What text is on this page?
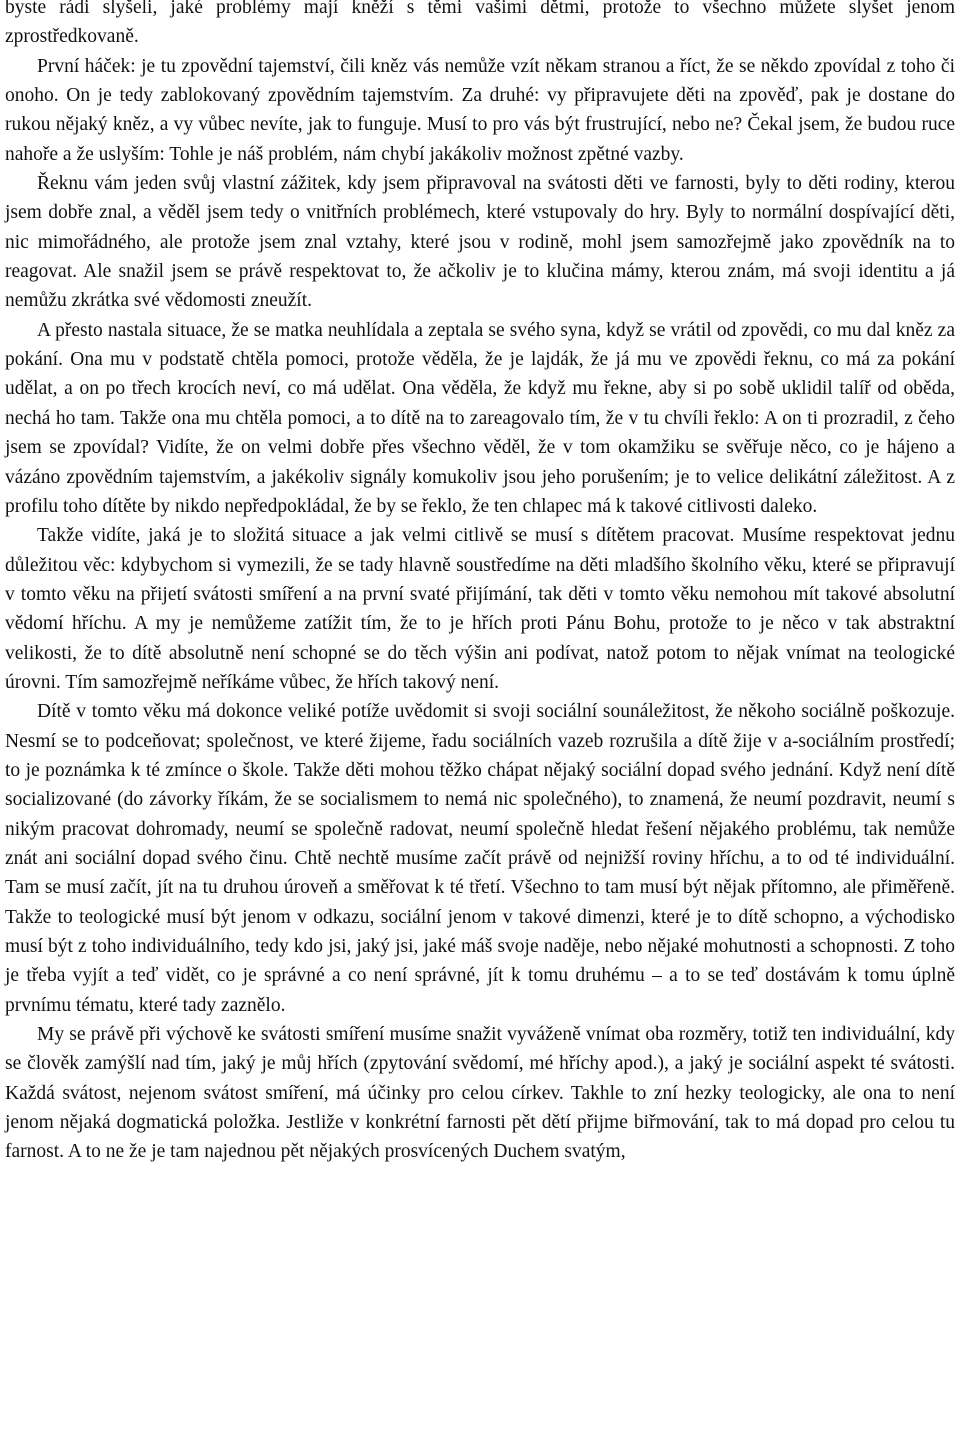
byste rádi slyšeli, jaké problémy mají kněží s těmi vašimi dětmi, protože to všechno můžete slyšet jenom zprostředkovaně.

První háček: je tu zpovědní tajemství, čili kněz vás nemůže vzít někam stranou a říct, že se někdo zpovídal z toho či onoho. On je tedy zablokovaný zpovědním tajemstvím. Za druhé: vy připravujete děti na zpověď, pak je dostane do rukou nějaký kněz, a vy vůbec nevíte, jak to funguje. Musí to pro vás být frustrující, nebo ne? Čekal jsem, že budou ruce nahoře a že uslyším: Tohle je náš problém, nám chybí jakákoliv možnost zpětné vazby.

Řeknu vám jeden svůj vlastní zážitek, kdy jsem připravoval na svátosti děti ve farnosti, byly to děti rodiny, kterou jsem dobře znal, a věděl jsem tedy o vnitřních problémech, které vstupovaly do hry. Byly to normální dospívající děti, nic mimořádného, ale protože jsem znal vztahy, které jsou v rodině, mohl jsem samozřejmě jako zpovědník na to reagovat. Ale snažil jsem se právě respektovat to, že ačkoliv je to klučina mámy, kterou znám, má svoji identitu a já nemůžu zkrátka své vědomosti zneužít.

A přesto nastala situace, že se matka neuhlídala a zeptala se svého syna, když se vrátil od zpovědi, co mu dal kněz za pokání. Ona mu v podstatě chtěla pomoci, protože věděla, že je lajdák, že já mu ve zpovědi řeknu, co má za pokání udělat, a on po třech krocích neví, co má udělat. Ona věděla, že když mu řekne, aby si po sobě uklidil talíř od oběda, nechá ho tam. Takže ona mu chtěla pomoci, a to dítě na to zareagovalo tím, že v tu chvíli řeklo: A on ti prozradil, z čeho jsem se zpovídal? Vidíte, že on velmi dobře přes všechno věděl, že v tom okamžiku se svěřuje něco, co je hájeno a vázáno zpovědním tajemstvím, a jakékoliv signály komukoliv jsou jeho porušením; je to velice delikátní záležitost. A z profilu toho dítěte by nikdo nepředpokládal, že by se řeklo, že ten chlapec má k takové citlivosti daleko.

Takže vidíte, jaká je to složitá situace a jak velmi citlivě se musí s dítětem pracovat. Musíme respektovat jednu důležitou věc: kdybychom si vymezili, že se tady hlavně soustředíme na děti mladšího školního věku, které se připravují v tomto věku na přijetí svátosti smíření a na první svaté přijímání, tak děti v tomto věku nemohou mít takové absolutní vědomí hříchu. A my je nemůžeme zatížit tím, že to je hřích proti Pánu Bohu, protože to je něco v tak abstraktní velikosti, že to dítě absolutně není schopné se do těch výšin ani podívat, natož potom to nějak vnímat na teologické úrovni. Tím samozřejmě neříkáme vůbec, že hřích takový není.

Dítě v tomto věku má dokonce veliké potíže uvědomit si svoji sociální sounáležitost, že někoho sociálně poškozuje. Nesmí se to podceňovat; společnost, ve které žijeme, řadu sociálních vazeb rozrušila a dítě žije v a-sociálním prostředí; to je poznámka k té zmínce o škole. Takže děti mohou těžko chápat nějaký sociální dopad svého jednání. Když není dítě socializované (do závorky říkám, že se socialismem to nemá nic společného), to znamená, že neumí pozdravit, neumí s nikým pracovat dohromady, neumí se společně radovat, neumí společně hledat řešení nějakého problému, tak nemůže znát ani sociální dopad svého činu. Chtě nechtě musíme začít právě od nejnižší roviny hříchu, a to od té individuální. Tam se musí začít, jít na tu druhou úroveň a směřovat k té třetí. Všechno to tam musí být nějak přítomno, ale přiměřeně. Takže to teologické musí být jenom v odkazu, sociální jenom v takové dimenzi, které je to dítě schopno, a východisko musí být z toho individuálního, tedy kdo jsi, jaký jsi, jaké máš svoje naděje, nebo nějaké mohutnosti a schopnosti. Z toho je třeba vyjít a teď vidět, co je správné a co není správné, jít k tomu druhému – a to se teď dostávám k tomu úplně prvnímu tématu, které tady zaznělo.

My se právě při výchově ke svátosti smíření musíme snažit vyváženě vnímat oba rozměry, totiž ten individuální, kdy se člověk zamýšlí nad tím, jaký je můj hřích (zpytování svědomí, mé hříchy apod.), a jaký je sociální aspekt té svátosti. Každá svátost, nejenom svátost smíření, má účinky pro celou církev. Takhle to zní hezky teologicky, ale ona to není jenom nějaká dogmatická položka. Jestliže v konkrétní farnosti pět dětí přijme biřmování, tak to má dopad pro celou tu farnost. A to ne že je tam najednou pět nějakých prosvícených Duchem svatým,
